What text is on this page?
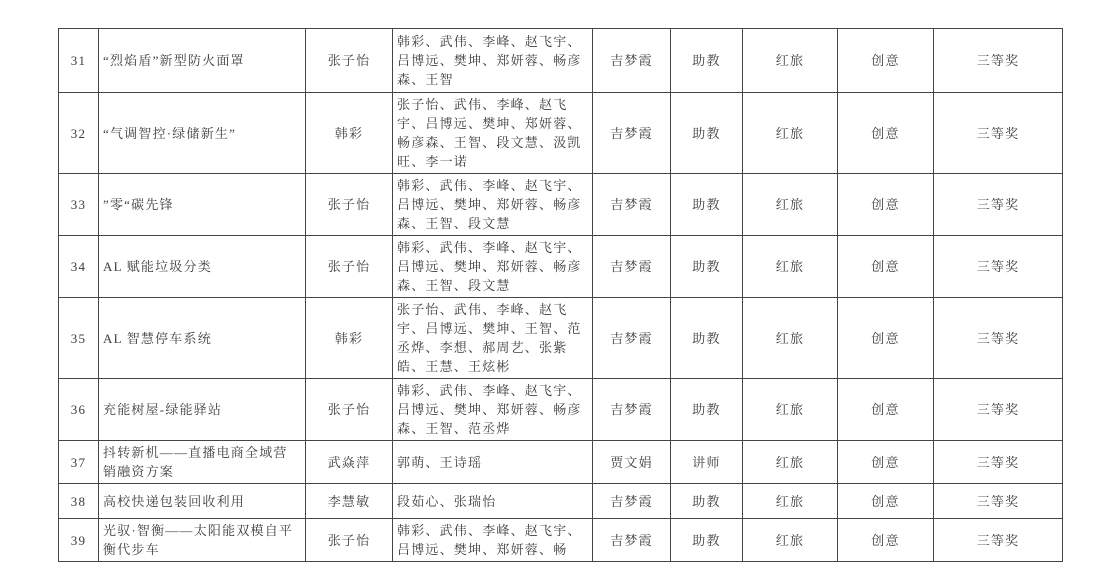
31	“烈焰盾”新型防火面罩	张子怡	韩彩、武伟、李峰、赵飞宇、吕博远、樊坤、郑妍蓉、畅彦森、王智	吉梦霞	助教	红旅	创意	三等奖
32	“气调智控·绿储新生”	韩彩	张子怡、武伟、李峰、赵飞宇、吕博远、樊坤、郑妍蓉、畅彦森、王智、段文慧、汲凯旺、李一诺	吉梦霞	助教	红旅	创意	三等奖
33	”零“碳先锋	张子怡	韩彩、武伟、李峰、赵飞宇、吕博远、樊坤、郑妍蓉、畅彦森、王智、段文慧	吉梦霞	助教	红旅	创意	三等奖
34	AL 赋能垃圾分类	张子怡	韩彩、武伟、李峰、赵飞宇、吕博远、樊坤、郑妍蓉、畅彦森、王智、段文慧	吉梦霞	助教	红旅	创意	三等奖
35	AL 智慧停车系统	韩彩	张子怡、武伟、李峰、赵飞宇、吕博远、樊坤、王智、范丞烨、李想、郝周艺、张紫皓、王慧、王炫彬	吉梦霞	助教	红旅	创意	三等奖
36	充能树屋-绿能驿站	张子怡	韩彩、武伟、李峰、赵飞宇、吕博远、樊坤、郑妍蓉、畅彦森、王智、范丞烨	吉梦霞	助教	红旅	创意	三等奖
37	抖转新机——直播电商全域营销融资方案	武焱萍	郭萌、王诗瑶	贾文娟	讲师	红旅	创意	三等奖
38	高校快递包装回收利用	李慧敏	段茹心、张瑞怡	吉梦霞	助教	红旅	创意	三等奖
39	光驭·智衡——太阳能双模自平衡代步车	张子怡	韩彩、武伟、李峰、赵飞宇、吕博远、樊坤、郑妍蓉、畅	吉梦霞	助教	红旅	创意	三等奖
